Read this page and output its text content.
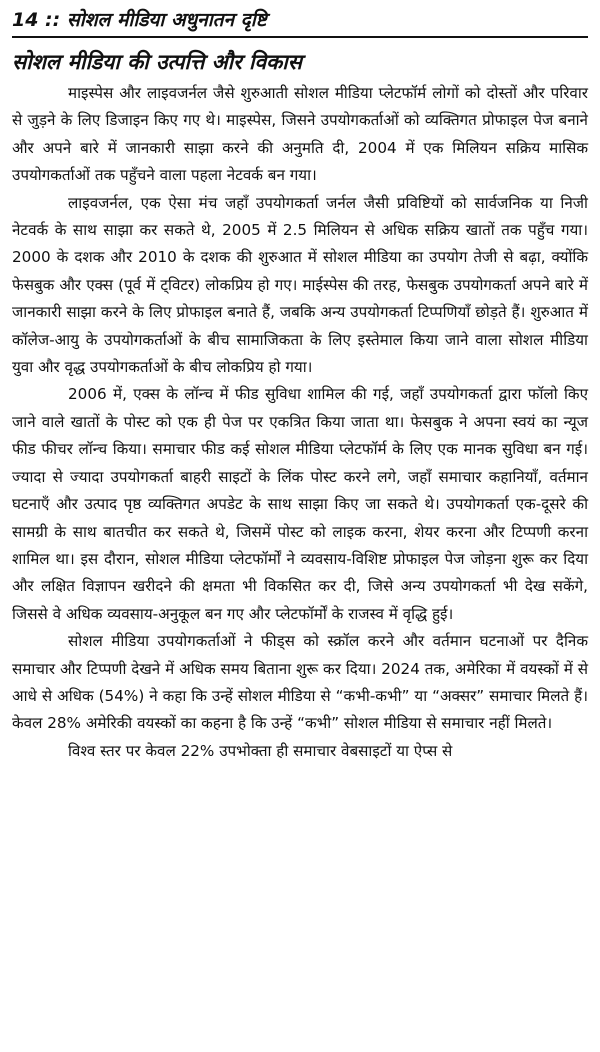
14 :: सोशल मीडिया अधुनातन दृष्टि
सोशल मीडिया की उत्पत्ति और विकास

माइस्पेस और लाइवजर्नल जैसे शुरुआती सोशल मीडिया प्लेटफॉर्म लोगों को दोस्तों और परिवार से जुड़ने के लिए डिजाइन किए गए थे। माइस्पेस, जिसने उपयोगकर्ताओं को व्यक्तिगत प्रोफाइल पेज बनाने और अपने बारे में जानकारी साझा करने की अनुमति दी, 2004 में एक मिलियन सक्रिय मासिक उपयोगकर्ताओं तक पहुँचने वाला पहला नेटवर्क बन गया।

लाइवजर्नल, एक ऐसा मंच जहाँ उपयोगकर्ता जर्नल जैसी प्रविष्टियों को सार्वजनिक या निजी नेटवर्क के साथ साझा कर सकते थे, 2005 में 2.5 मिलियन से अधिक सक्रिय खातों तक पहुँच गया। 2000 के दशक और 2010 के दशक की शुरुआत में सोशल मीडिया का उपयोग तेजी से बढ़ा, क्योंकि फेसबुक और एक्स (पूर्व में ट्विटर) लोकप्रिय हो गए। माईस्पेस की तरह, फेसबुक उपयोगकर्ता अपने बारे में जानकारी साझा करने के लिए प्रोफाइल बनाते हैं, जबकि अन्य उपयोगकर्ता टिप्पणियाँ छोड़ते हैं। शुरुआत में कॉलेज-आयु के उपयोगकर्ताओं के बीच सामाजिकता के लिए इस्तेमाल किया जाने वाला सोशल मीडिया युवा और वृद्ध उपयोगकर्ताओं के बीच लोकप्रिय हो गया।

2006 में, एक्स के लॉन्च में फीड सुविधा शामिल की गई, जहाँ उपयोगकर्ता द्वारा फॉलो किए जाने वाले खातों के पोस्ट को एक ही पेज पर एकत्रित किया जाता था। फेसबुक ने अपना स्वयं का न्यूज फीड फीचर लॉन्च किया। समाचार फीड कई सोशल मीडिया प्लेटफॉर्म के लिए एक मानक सुविधा बन गई। ज्यादा से ज्यादा उपयोगकर्ता बाहरी साइटों के लिंक पोस्ट करने लगे, जहाँ समाचार कहानियाँ, वर्तमान घटनाएँ और उत्पाद पृष्ठ व्यक्तिगत अपडेट के साथ साझा किए जा सकते थे। उपयोगकर्ता एक-दूसरे की सामग्री के साथ बातचीत कर सकते थे, जिसमें पोस्ट को लाइक करना, शेयर करना और टिप्पणी करना शामिल था। इस दौरान, सोशल मीडिया प्लेटफॉर्मों ने व्यवसाय-विशिष्ट प्रोफाइल पेज जोड़ना शुरू कर दिया और लक्षित विज्ञापन खरीदने की क्षमता भी विकसित कर दी, जिसे अन्य उपयोगकर्ता भी देख सकेंगे, जिससे वे अधिक व्यवसाय-अनुकूल बन गए और प्लेटफॉर्मों के राजस्व में वृद्धि हुई।

सोशल मीडिया उपयोगकर्ताओं ने फीड्स को स्क्रॉल करने और वर्तमान घटनाओं पर दैनिक समाचार और टिप्पणी देखने में अधिक समय बिताना शुरू कर दिया। 2024 तक, अमेरिका में वयस्कों में से आधे से अधिक (54%) ने कहा कि उन्हें सोशल मीडिया से “कभी-कभी” या “अक्सर” समाचार मिलते हैं। केवल 28% अमेरिकी वयस्कों का कहना है कि उन्हें “कभी” सोशल मीडिया से समाचार नहीं मिलते।

विश्व स्तर पर केवल 22% उपभोक्ता ही समाचार वेबसाइटों या ऐप्स से
